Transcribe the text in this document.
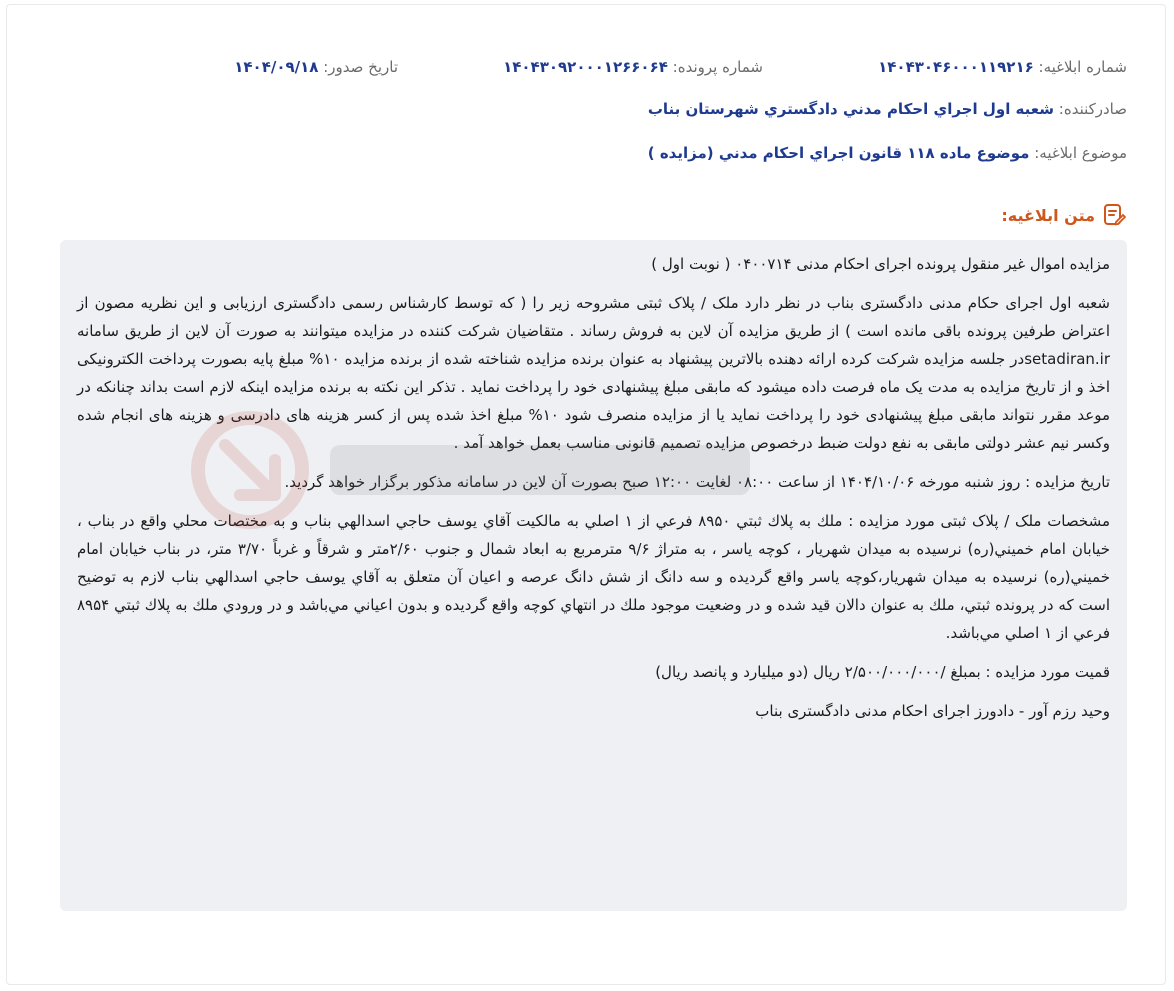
شماره ابلاغیه: ۱۴۰۴۳۰۴۶۰۰۰۱۱۹۲۱۶
شماره پرونده: ۱۴۰۴۳۰۹۲۰۰۰۱۲۶۶۰۶۴
تاریخ صدور: ۱۴۰۴/۰۹/۱۸
صادرکننده: شعبه اول اجراي احكام مدني دادگستري شهرستان بناب
موضوع ابلاغیه: موضوع ماده ۱۱۸ قانون اجراي احكام مدني (مزايده )
متن ابلاغیه:

مزایده اموال غیر منقول پرونده اجرای احکام مدنی ۰۴۰۰۷۱۴ ( نوبت اول )

شعبه اول اجرای حکام مدنی دادگستری بناب در نظر دارد ملک / پلاک ثبتی مشروحه زیر را ( که توسط کارشناس رسمی دادگستری ارزیابی و این نظریه مصون از اعتراض طرفین پرونده باقی مانده است ) از طریق مزایده آن لاین به فروش رساند . متقاضیان شرکت کننده در مزایده میتوانند به صورت آن لاین از طریق سامانه setadiran.irدر جلسه مزایده شرکت کرده ارائه دهنده بالاترین پیشنهاد به عنوان برنده مزایده شناخته شده از برنده مزایده ۱۰% مبلغ پایه بصورت پرداخت الکترونیکی اخذ و از تاریخ مزایده به مدت یک ماه فرصت داده میشود که مابقی مبلغ پیشنهادی خود را پرداخت نماید . تذکر این نکته به برنده مزایده اینکه لازم است بداند چنانکه در موعد مقرر نتواند مابقی مبلغ پیشنهادی خود را پرداخت نماید یا از مزایده منصرف شود ۱۰% مبلغ اخذ شده پس از کسر هزینه های دادرسی و هزینه های انجام شده وکسر نیم عشر دولتی مابقی به نفع دولت ضبط درخصوص مزایده تصمیم قانونی مناسب بعمل خواهد آمد .

تاریخ مزایده : روز شنبه مورخه ۱۴۰۴/۱۰/۰۶ از ساعت ۰۸:۰۰ لغایت ۱۲:۰۰ صبح بصورت آن لاین در سامانه مذکور برگزار خواهد گردید.

مشخصات ملک / پلاک ثبتی مورد مزایده : ملك به پلاك ثبتي ۸۹۵۰ فرعي از ۱ اصلي به مالكيت آقاي يوسف حاجي اسدالهي بناب و به مختصات محلي واقع در بناب ، خيابان امام خميني(ره) نرسيده به ميدان شهريار ، كوچه ياسر ، به متراژ ۹/۶ مترمربع به ابعاد شمال و جنوب ۲/۶۰متر و شرقاً و غرباً ۳/۷۰ متر، در بناب خيابان امام خميني(ره) نرسيده به ميدان شهريار،كوچه ياسر واقع گرديده و سه دانگ از شش دانگ عرصه و اعيان آن متعلق به آقاي يوسف حاجي اسدالهي بناب لازم به توضيح است كه در پرونده ثبتي، ملك به عنوان دالان قيد شده و در وضعيت موجود ملك در انتهاي كوچه واقع گرديده و بدون اعياني مي‌باشد و در ورودي ملك به پلاك ثبتي ۸۹۵۴ فرعي از ۱ اصلي مي‌باشد.

قمیت مورد مزایده : بمبلغ /۲/۵۰۰/۰۰۰/۰۰۰ ریال (دو میلیارد و پانصد ریال)

وحید رزم آور - دادورز اجرای احکام مدنی دادگستری بناب
